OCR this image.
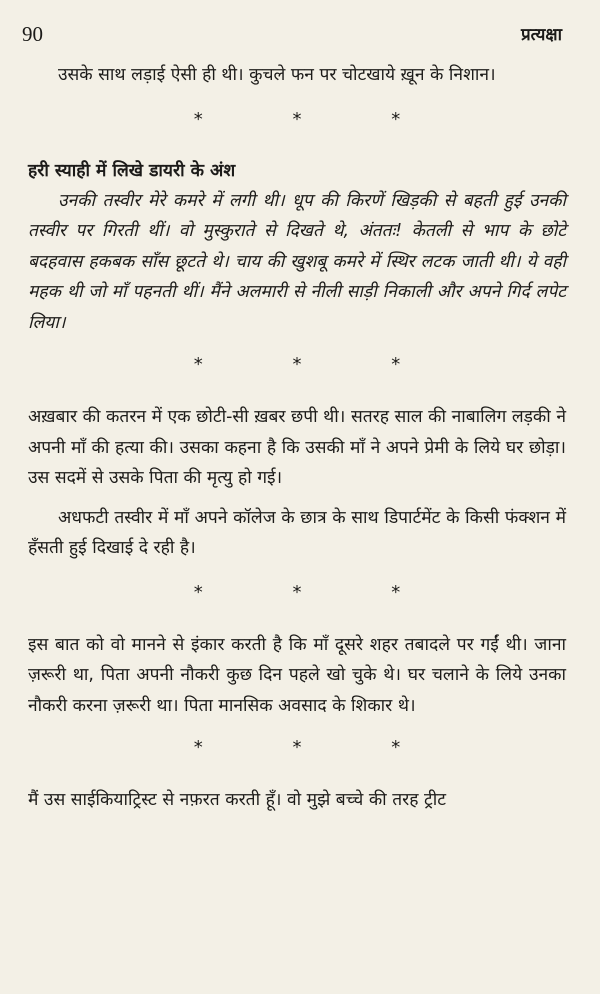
90	प्रत्यक्षा

उसके साथ लड़ाई ऐसी ही थी। कुचले फन पर चोटखाये ख़ून के निशान।

* * *
हरी स्याही में लिखे डायरी के अंश

उनकी तस्वीर मेरे कमरे में लगी थी। धूप की किरणें खिड़की से बहती हुई उनकी तस्वीर पर गिरती थीं। वो मुस्कुराते से दिखते थे, अंततः! केतली से भाप के छोटे बदहवास हकबक साँस छूटते थे। चाय की खुशबू कमरे में स्थिर लटक जाती थी। ये वही महक थी जो माँ पहनती थीं। मैंने अलमारी से नीली साड़ी निकाली और अपने गिर्द लपेट लिया।

* * *

अख़बार की कतरन में एक छोटी-सी ख़बर छपी थी। सतरह साल की नाबालिग लड़की ने अपनी माँ की हत्या की। उसका कहना है कि उसकी माँ ने अपने प्रेमी के लिये घर छोड़ा। उस सदमें से उसके पिता की मृत्यु हो गई।

अधफटी तस्वीर में माँ अपने कॉलेज के छात्र के साथ डिपार्टमेंट के किसी फंक्शन में हँसती हुई दिखाई दे रही है।

* * *

इस बात को वो मानने से इंकार करती है कि माँ दूसरे शहर तबादले पर गईं थी। जाना ज़रूरी था, पिता अपनी नौकरी कुछ दिन पहले खो चुके थे। घर चलाने के लिये उनका नौकरी करना ज़रूरी था। पिता मानसिक अवसाद के शिकार थे।

* * *

मैं उस साईकियाट्रिस्ट से नफ़रत करती हूँ। वो मुझे बच्चे की तरह ट्रीट
